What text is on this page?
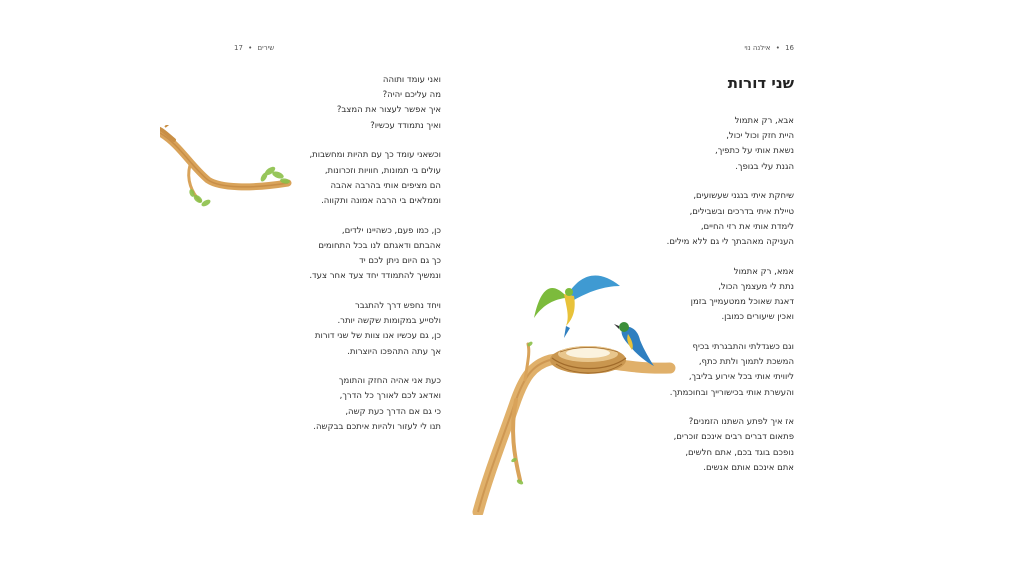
שירים • 17
ואני עומד ותוהה
מה עליכם יהיה?
איך אפשר לעצור את המצב?
ואיך נתמודד עכשיו?
וכשאני עומד כך עם תהיות ומחשבות,
עולים בי תמונות, חוויות וזכרונות,
הם מציפים אותי בהרבה אהבה
וממלאים בי הרבה אמונה ותקווה.
כן, כמו פעם, כשהיינו ילדים,
אהבתם ודאגתם לנו בכל התחומים
כך גם היום ניתן לכם יד
ונמשיך להתמודד יחד צעד אחר צעד.
ויחד נחפש דרך להתגבר
ולסייע במקומות שקשה יותר.
כן, גם עכשיו אנו צוות של שני דורות
אך עתה התהפכו היוצרות.
כעת אני אהיה החזק והתומך
ואדאג לכם לאורך כל הדרך,
כי גם אם הדרך כעת קשה,
תנו לי לעזור ולהיות איתכם בבקשה.
16 • אילנה נוי
שני דורות
אבא, רק אתמול
היית חזק וכול יכול,
נשאת אותי על כתפיך,
הגנת עלי בגופך.
שיחקת איתי בנגני שעשועים,
טיילת איתי בדרכים ובשבילים,
לימדת אותי את רזי החיים,
העניקה מאהבתך לי גם ללא מילים.
אמא, רק אתמול
נתת לי מעצמך הכול,
דאגת שאוכל ממטעמייך בזמן
ואכין שיעורים כמובן.
וגם כשגדלתי והתבגרתי בכיף
המשכת לתמוך ולתת כתף,
ליוויתי אותי בכל אירוע בליבך,
והעשרת אותי בכישורייך ובחוכמתך.
אז איך לפתע השתנו הזמנים?
פתאום דברים רבים אינכם זוכרים,
נופכם בוגד בכם, אתם חלשים,
אתם אינכם אותם אנשים.
